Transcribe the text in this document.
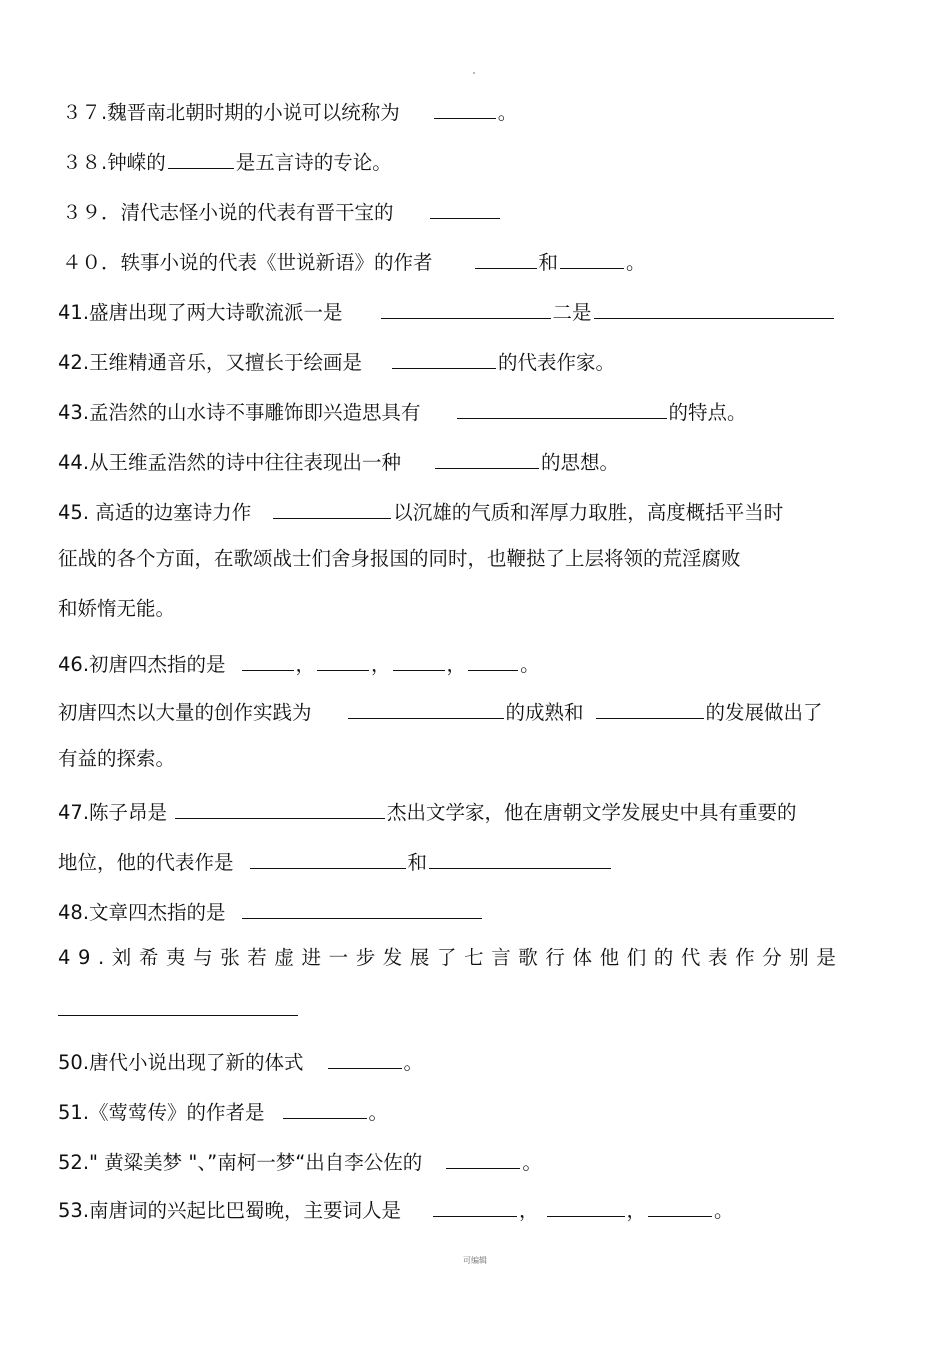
３７.魏晋南北朝时期的小说可以统称为	。
３８.钟嵘的	是五言诗的专论。
３９．清代志怪小说的代表有晋干宝的
４０．轶事小说的代表《世说新语》的作者	和	。
41.盛唐出现了两大诗歌流派一是	二是
42.王维精通音乐，又擅长于绘画是	的代表作家。
43.孟浩然的山水诗不事雕饰即兴造思具有	的特点。
44.从王维孟浩然的诗中往往表现出一种	的思想。
45. 高适的边塞诗力作	以沉雄的气质和浑厚力取胜，高度概括平当时
征战的各个方面，在歌颂战士们舍身报国的同时，也鞭挞了上层将领的荒淫腐败
和娇惰无能。
46.初唐四杰指的是	，	，	，	。
初唐四杰以大量的创作实践为	的成熟和	的发展做出了
有益的探索。
47.陈子昂是	杰出文学家，他在唐朝文学发展史中具有重要的
地位，他的代表作是	和
48.文章四杰指的是
49.刘希夷与张若虚进一步发展了七言歌行体他们的代表作分别是
50.唐代小说出现了新的体式	。
51.《莺莺传》的作者是	。
52." 黄粱美梦 "、”南柯一梦“出自李公佐的	。
53.南唐词的兴起比巴蜀晚，主要词人是	，	，	。
可编辑
